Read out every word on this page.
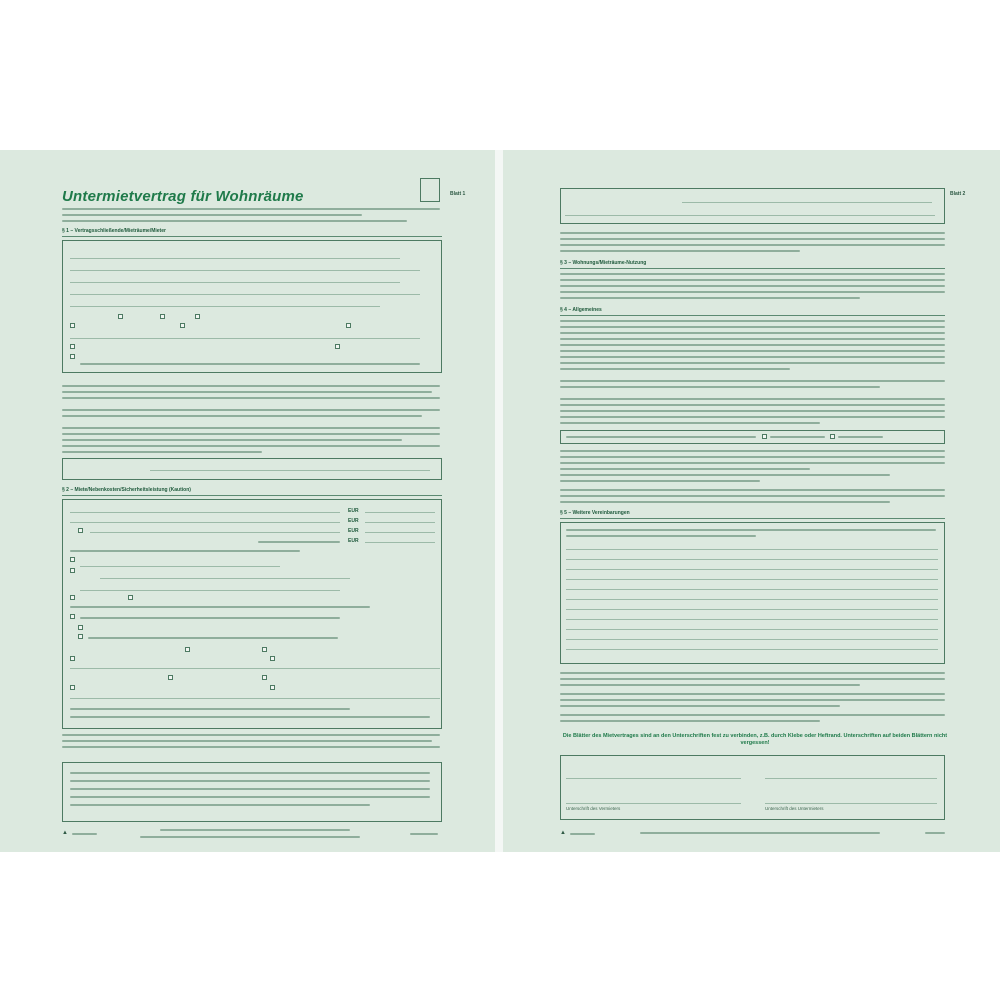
Untermietvertrag für Wohnräume	Blatt 1
§ 1 – Vertragsschließende/Mieträume/Mieter
§ 2 – Miete/Nebenkosten/Sicherheitsleistung (Kaution)
EUR
EUR
EUR
EUR
▲
Blatt 2
§ 3 – Wohnungs/Mieträume-Nutzung
§ 4 – Allgemeines
§ 5 – Weitere Vereinbarungen
Die Blätter des Mietvertrages sind an den Unterschriften fest zu verbinden, z.B. durch Klebe oder Heftrand. Unterschriften auf beiden Blättern nicht vergessen!
Unterschrift des Vermieters	Unterschrift des Untermieters
▲
